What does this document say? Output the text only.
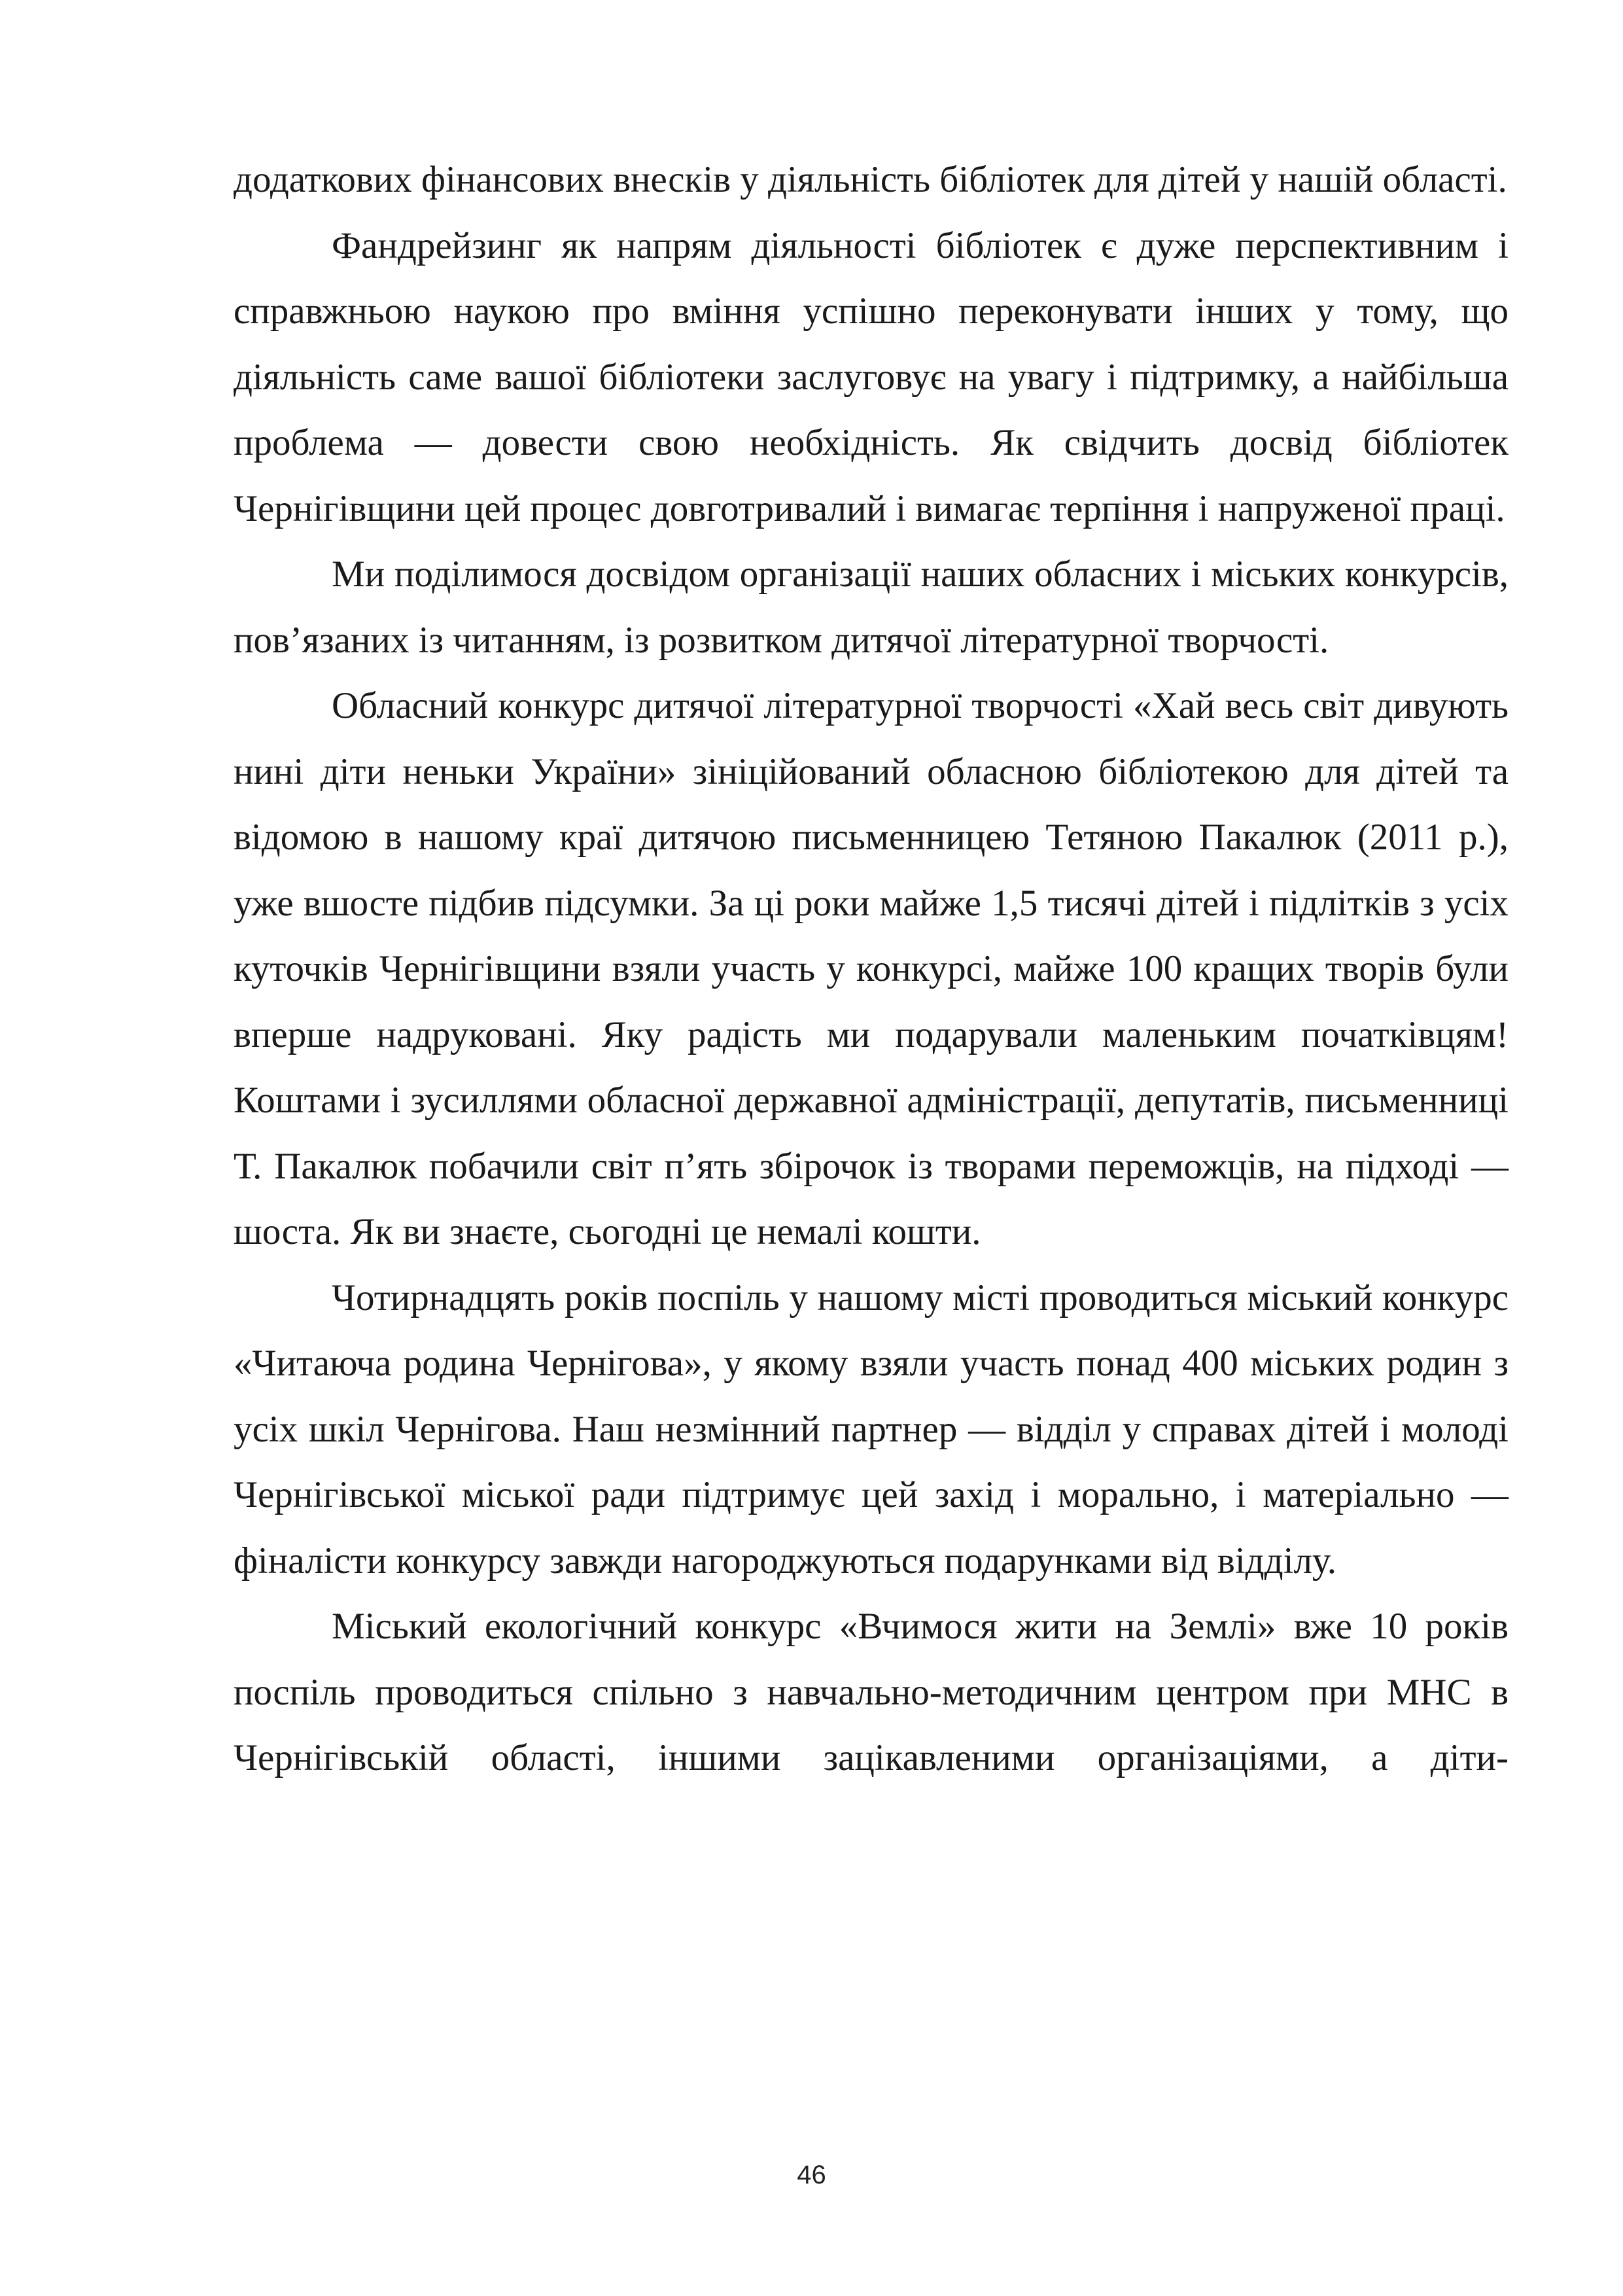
додаткових фінансових внесків у діяльність бібліотек для дітей у нашій області.

Фандрейзинг як напрям діяльності бібліотек є дуже перспективним і справжньою наукою про вміння успішно переконувати інших у тому, що діяльність саме вашої бібліотеки заслуговує на увагу і підтримку, а найбільша проблема — довести свою необхідність. Як свідчить досвід бібліотек Чернігівщини цей процес довготривалий і вимагає терпіння і напруженої праці.

Ми поділимося досвідом організації наших обласних і міських конкурсів, пов’язаних із читанням, із розвитком дитячої літературної творчості.

Обласний конкурс дитячої літературної творчості «Хай весь світ дивують нині діти неньки України» зініційований обласною бібліотекою для дітей та відомою в нашому краї дитячою письменницею Тетяною Пакалюк (2011 р.), уже вшосте підбив підсумки. За ці роки майже 1,5 тисячі дітей і підлітків з усіх куточків Чернігівщини взяли участь у конкурсі, майже 100 кращих творів були вперше надруковані. Яку радість ми подарували маленьким початківцям! Коштами і зусиллями обласної державної адміністрації, депутатів, письменниці Т. Пакалюк побачили світ п’ять збірочок із творами переможців, на підході — шоста. Як ви знаєте, сьогодні це немалі кошти.

Чотирнадцять років поспіль у нашому місті проводиться міський конкурс «Читаюча родина Чернігова», у якому взяли участь понад 400 міських родин з усіх шкіл Чернігова. Наш незмінний партнер — відділ у справах дітей і молоді Чернігівської міської ради підтримує цей захід і морально, і матеріально — фіналісти конкурсу завжди нагороджуються подарунками від відділу.

Міський екологічний конкурс «Вчимося жити на Землі» вже 10 років поспіль проводиться спільно з навчально-методичним центром при МНС в Чернігівській області, іншими зацікавленими організаціями, а діти-

46
